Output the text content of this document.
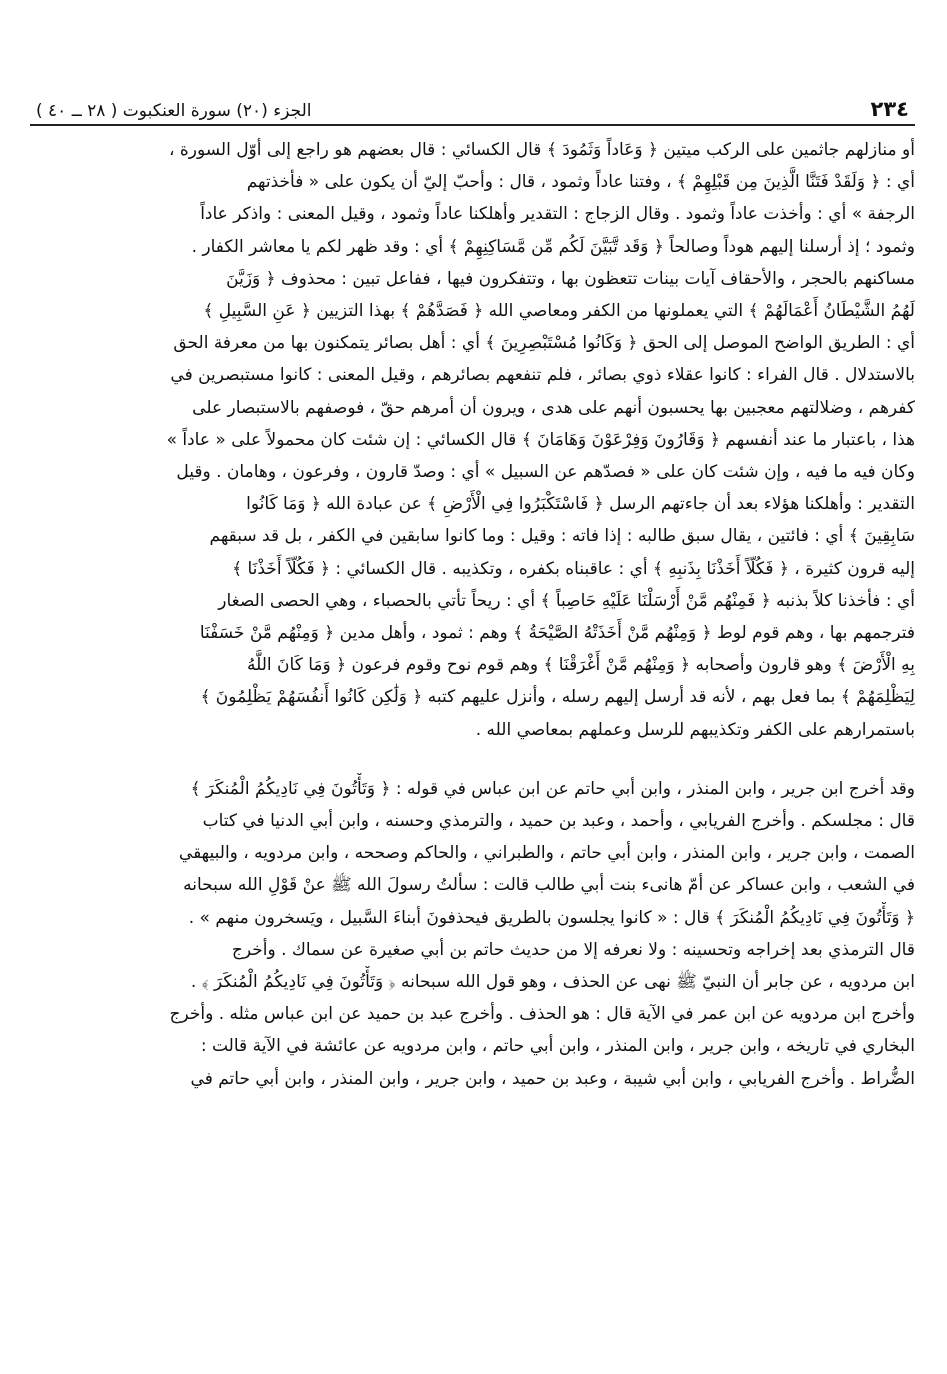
٢٣٤
الجزء (٢٠) سورة العنكبوت ( ٢٨ ــ ٤٠ )
أو منازلهم جاثمين على الركب ميتين ﴿ وَعَاداً وَثَمُودَ ﴾ قال الكسائي : قال بعضهم هو راجع إلى أوّل السورة ،
أي : ﴿ وَلَقَدْ فَتَنَّا الَّذِينَ مِن قَبْلِهِمْ ﴾ ، وفتنا عاداً وثمود ، قال : وأحبّ إليّ أن يكون على « فأخذتهم
الرجفة » أي : وأخذت عاداً وثمود . وقال الزجاج : التقدير وأهلكنا عاداً وثمود ، وقيل المعنى : واذكر عاداً
وثمود ؛ إذ أرسلنا إليهم هوداً وصالحاً ﴿ وَقَد تَّبَيَّنَ لَكُم مِّن مَّسَاكِنِهِمْ ﴾ أي : وقد ظهر لكم يا معاشر الكفار .
مساكنهم بالحجر ، والأحقاف آيات بينات تتعظون بها ، وتتفكرون فيها ، ففاعل تبين : محذوف ﴿ وَزَيَّنَ
لَهُمُ الشَّيْطَانُ أَعْمَالَهُمْ ﴾ التي يعملونها من الكفر ومعاصي الله ﴿ فَصَدَّهُمْ ﴾ بهذا التزيين ﴿ عَنِ السَّبِيلِ ﴾
أي : الطريق الواضح الموصل إلى الحق ﴿ وَكَانُوا مُسْتَبْصِرِينَ ﴾ أي : أهل بصائر يتمكنون بها من معرفة الحق
بالاستدلال . قال الفراء : كانوا عقلاء ذوي بصائر ، فلم تنفعهم بصائرهم ، وقيل المعنى : كانوا مستبصرين في
كفرهم ، وضلالتهم معجبين بها يحسبون أنهم على هدى ، ويرون أن أمرهم حقّ ، فوصفهم بالاستبصار على
هذا ، باعتبار ما عند أنفسهم ﴿ وَقَارُونَ وَفِرْعَوْنَ وَهَامَانَ ﴾ قال الكسائي : إن شئت كان محمولاً على « عاداً »
وكان فيه ما فيه ، وإن شئت كان على « فصدّهم عن السبيل » أي : وصدّ قارون ، وفرعون ، وهامان . وقيل
التقدير : وأهلكنا هؤلاء بعد أن جاءتهم الرسل ﴿ فَاسْتَكْبَرُوا فِي الْأَرْضِ ﴾ عن عبادة الله ﴿ وَمَا كَانُوا
سَابِقِينَ ﴾ أي : فائتين ، يقال سبق طالبه : إذا فاته : وقيل : وما كانوا سابقين في الكفر ، بل قد سبقهم
إليه قرون كثيرة ، ﴿ فَكُلّاً أَخَذْنَا بِذَنبِهِ ﴾ أي : عاقبناه بكفره ، وتكذيبه . قال الكسائي : ﴿ فَكُلّاً أَخَذْنَا ﴾
أي : فأخذنا كلاً بذنبه ﴿ فَمِنْهُم مَّنْ أَرْسَلْنَا عَلَيْهِ حَاصِباً ﴾ أي : ريحاً تأتي بالحصباء ، وهي الحصى الصغار
فترجمهم بها ، وهم قوم لوط ﴿ وَمِنْهُم مَّنْ أَخَذَتْهُ الصَّيْحَةُ ﴾ وهم : ثمود ، وأهل مدين ﴿ وَمِنْهُم مَّنْ خَسَفْنَا
بِهِ الْأَرْضَ ﴾ وهو قارون وأصحابه ﴿ وَمِنْهُم مَّنْ أَغْرَقْنَا ﴾ وهم قوم نوح وقوم فرعون ﴿ وَمَا كَانَ اللَّهُ
لِيَظْلِمَهُمْ ﴾ بما فعل بهم ، لأنه قد أرسل إليهم رسله ، وأنزل عليهم كتبه ﴿ وَلَٰكِن كَانُوا أَنفُسَهُمْ يَظْلِمُونَ ﴾
باستمرارهم على الكفر وتكذيبهم للرسل وعملهم بمعاصي الله .
وقد أخرج ابن جرير ، وابن المنذر ، وابن أبي حاتم عن ابن عباس في قوله : ﴿ وَتَأْتُونَ فِي نَادِيكُمُ الْمُنكَرَ ﴾
قال : مجلسكم . وأخرج الفريابي ، وأحمد ، وعبد بن حميد ، والترمذي وحسنه ، وابن أبي الدنيا في كتاب
الصمت ، وابن جرير ، وابن المنذر ، وابن أبي حاتم ، والطبراني ، والحاكم وصححه ، وابن مردويه ، والبيهقي
في الشعب ، وابن عساكر عن أمّ هانىء بنت أبي طالب قالت : سألتُ رسولَ الله ﷺ عنْ قَوْلِ الله سبحانه
﴿ وَتَأْتُونَ فِي نَادِيكُمُ الْمُنكَرَ ﴾ قال : « كانوا يجلسون بالطريق فيحذفونَ أبناءَ السَّبيل ، ويَسخرون منهم » .
قال الترمذي بعد إخراجه وتحسينه : ولا نعرفه إلا من حديث حاتم بن أبي صغيرة عن سماك . وأخرج
ابن مردويه ، عن جابر أن النبيّ ﷺ نهى عن الحذف ، وهو قول الله سبحانه ﴿ وَتَأْتُونَ فِي نَادِيكُمُ الْمُنكَرَ ﴾ .
وأخرج ابن مردويه عن ابن عمر في الآية قال : هو الحذف . وأخرج عبد بن حميد عن ابن عباس مثله . وأخرج
البخاري في تاريخه ، وابن جرير ، وابن المنذر ، وابن أبي حاتم ، وابن مردويه عن عائشة في الآية قالت :
الضُّراط . وأخرج الفريابي ، وابن أبي شيبة ، وعبد بن حميد ، وابن جرير ، وابن المنذر ، وابن أبي حاتم في
